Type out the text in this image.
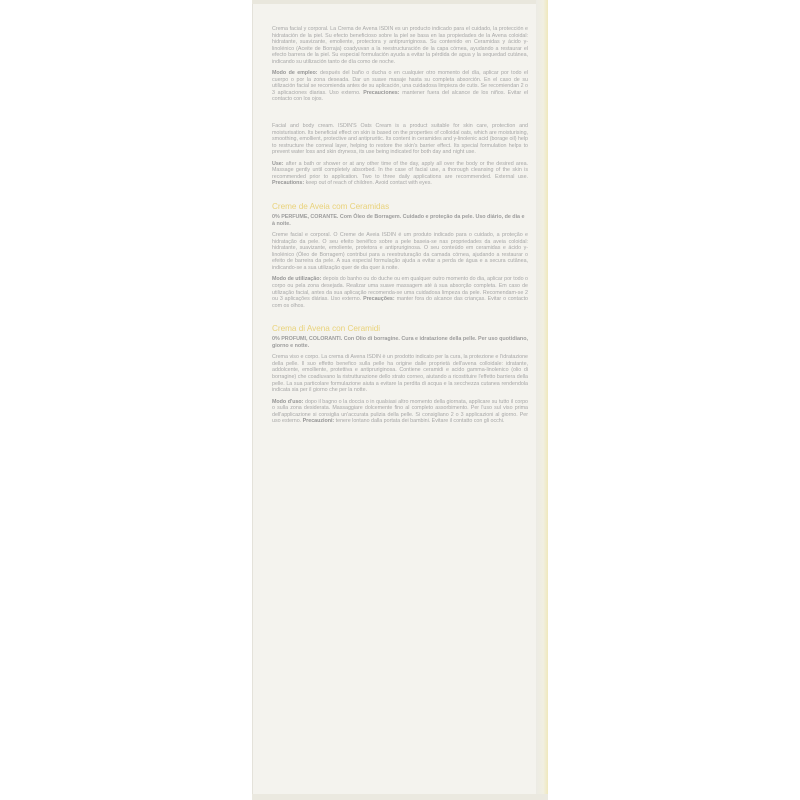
Crema facial y corporal. La Crema de Avena ISDIN es un producto indicado para el cuidado, la protección e hidratación de la piel. Su efecto beneficioso sobre la piel se basa en las propiedades de la Avena coloidal: hidratante, suavizante, emoliente, protectora y antiprurriginosa. Su contenido en Ceramidas y ácido γ-linolénico (Aceite de Borraja) coadyuvan a la reestructuración de la capa córnea, ayudando a restaurar el efecto barrera de la piel. Su especial formulación ayuda a evitar la pérdida de agua y la sequedad cutánea, indicando su utilización tanto de día como de noche.

Modo de empleo: después del baño o ducha o en cualquier otro momento del día, aplicar por todo el cuerpo o por la zona deseada. Dar un suave masaje hasta su completa absorción. En el caso de su utilización facial se recomienda antes de su aplicación, una cuidadosa limpieza de cutis. Se recomiendan 2 o 3 aplicaciones diarias. Uso externo. Precauciones: mantener fuera del alcance de los niños. Evitar el contacto con los ojos.

Facial and body cream. ISDIN'S Oats Cream is a product suitable for skin care, protection and moisturisation. Its beneficial effect on skin is based on the properties of colloidal oats, which are moisturising, smoothing, emollient, protective and antipruritic. Its content in ceramides and γ-linolenic acid (borage oil) help to restructure the corneal layer, helping to restore the skin's barrier effect. Its special formulation helps to prevent water loss and skin dryness, its use being indicated for both day and night use.

Use: after a bath or shower or at any other time of the day, apply all over the body or the desired area. Massage gently until completely absorbed. In the case of facial use, a thorough cleansing of the skin is recommended prior to application. Two to three daily applications are recommended. External use. Precautions: keep out of reach of children. Avoid contact with eyes.

Creme de Aveia com Ceramidas
0% PERFUME, CORANTE. Com Óleo de Borragem. Cuidado e proteção da pele. Uso diário, de dia e à noite.

Creme facial e corporal. O Creme de Aveia ISDIN é um produto indicado para o cuidado, a proteção e hidratação da pele. O seu efeito benéfico sobre a pele baseia-se nas propriedades da aveia coloidal: hidratante, suavizante, emoliente, protetora e antipruriginosa. O seu conteúdo em ceramidas e ácido γ-linolénico (Óleo de Borragem) contribui para a reestruturação da camada córnea, ajudando a restaurar o efeito de barreira da pele. A sua especial formulação ajuda a evitar a perda de água e a secura cutânea, indicando-se a sua utilização quer de dia quer à noite.

Modo de utilização: depois do banho ou do duche ou em qualquer outro momento do dia, aplicar por todo o corpo ou pela zona desejada. Realizar uma suave massagem até à sua absorção completa. Em caso de utilização facial, antes da sua aplicação recomenda-se uma cuidadosa limpeza da pele. Recomendam-se 2 ou 3 aplicações diárias. Uso externo. Precauções: manter fora do alcance das crianças. Evitar o contacto com os olhos.

Crema di Avena con Ceramidi
0% PROFUMI, COLORANTI. Con Olio di borragine. Cura e idratazione della pelle. Per uso quotidiano, giorno e notte.

Crema viso e corpo. La crema di Avena ISDIN è un prodotto indicato per la cura, la protezione e l'idratazione della pelle. Il suo effetto benefico sulla pelle ha origine dalle proprietà dell'avena colloidale: idratante, addolcente, emolliente, protettiva e antipruriginosa. Contiene ceramidi e acido gamma-linolenico (olio di borragine) che coadiuvano la ristrutturazione dello strato corneo, aiutando a ricostituire l'effetto barriera della pelle. La sua particolare formulazione aiuta a evitare la perdita di acqua e la secchezza cutanea rendendola indicata sia per il giorno che per la notte.

Modo d'uso: dopo il bagno o la doccia o in qualsiasi altro momento della giornata, applicare su tutto il corpo o sulla zona desiderata. Massaggiare dolcemente fino al completo assorbimento. Per l'uso sul viso prima dell'applicazione si consiglia un'accurata pulizia della pelle. Si consigliano 2 o 3 applicazioni al giorno. Per uso esterno. Precauzioni: tenere lontano dalla portata dei bambini. Evitare il contatto con gli occhi.
